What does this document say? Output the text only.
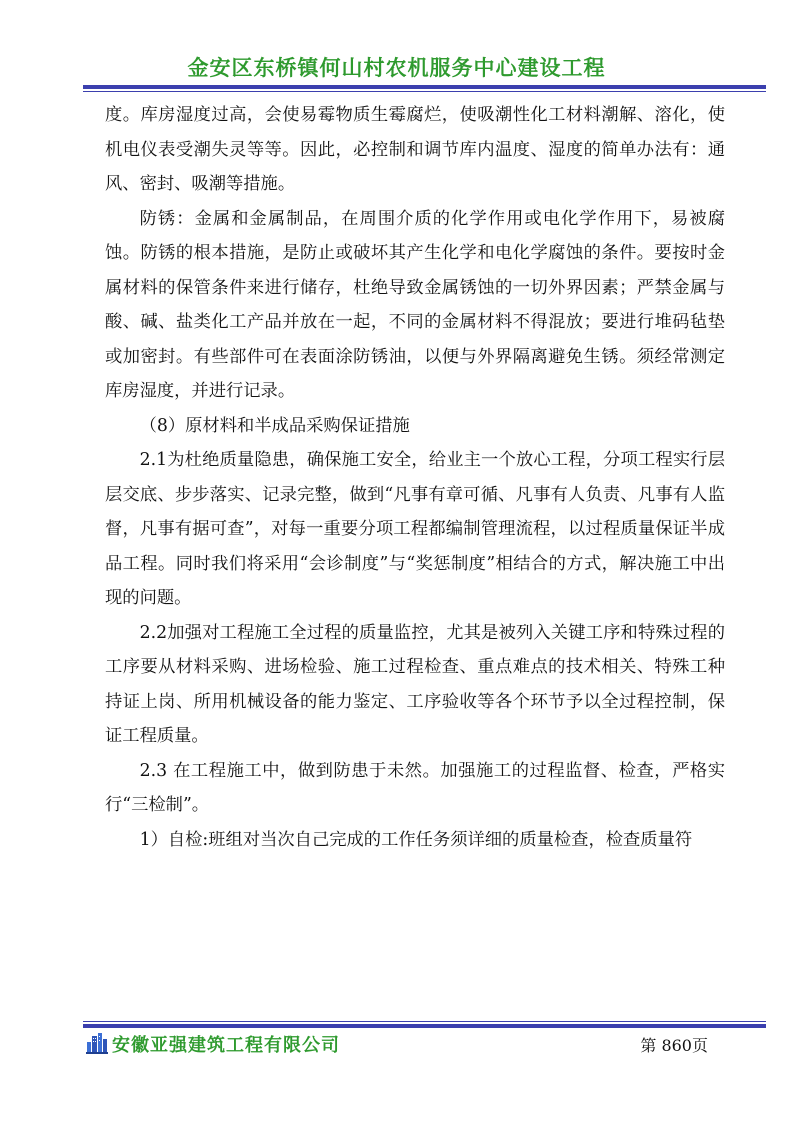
金安区东桥镇何山村农机服务中心建设工程

度。库房湿度过高，会使易霉物质生霉腐烂，使吸潮性化工材料潮解、溶化，使机电仪表受潮失灵等等。因此，必控制和调节库内温度、湿度的简单办法有：通风、密封、吸潮等措施。

防锈：金属和金属制品，在周围介质的化学作用或电化学作用下，易被腐蚀。防锈的根本措施，是防止或破坏其产生化学和电化学腐蚀的条件。要按时金属材料的保管条件来进行储存，杜绝导致金属锈蚀的一切外界因素；严禁金属与酸、碱、盐类化工产品并放在一起，不同的金属材料不得混放；要进行堆码毡垫或加密封。有些部件可在表面涂防锈油，以便与外界隔离避免生锈。须经常测定库房湿度，并进行记录。

（8）原材料和半成品采购保证措施

2.1为杜绝质量隐患，确保施工安全，给业主一个放心工程，分项工程实行层层交底、步步落实、记录完整，做到“凡事有章可循、凡事有人负责、凡事有人监督，凡事有据可查”，对每一重要分项工程都编制管理流程，以过程质量保证半成品工程。同时我们将采用“会诊制度”与“奖惩制度”相结合的方式，解决施工中出现的问题。

2.2加强对工程施工全过程的质量监控，尤其是被列入关键工序和特殊过程的工序要从材料采购、进场检验、施工过程检查、重点难点的技术相关、特殊工种持证上岗、所用机械设备的能力鉴定、工序验收等各个环节予以全过程控制，保证工程质量。

2.3 在工程施工中，做到防患于未然。加强施工的过程监督、检查，严格实行“三检制”。

1）自检:班组对当次自己完成的工作任务须详细的质量检查，检查质量符

安徽亚强建筑工程有限公司	第 860页
